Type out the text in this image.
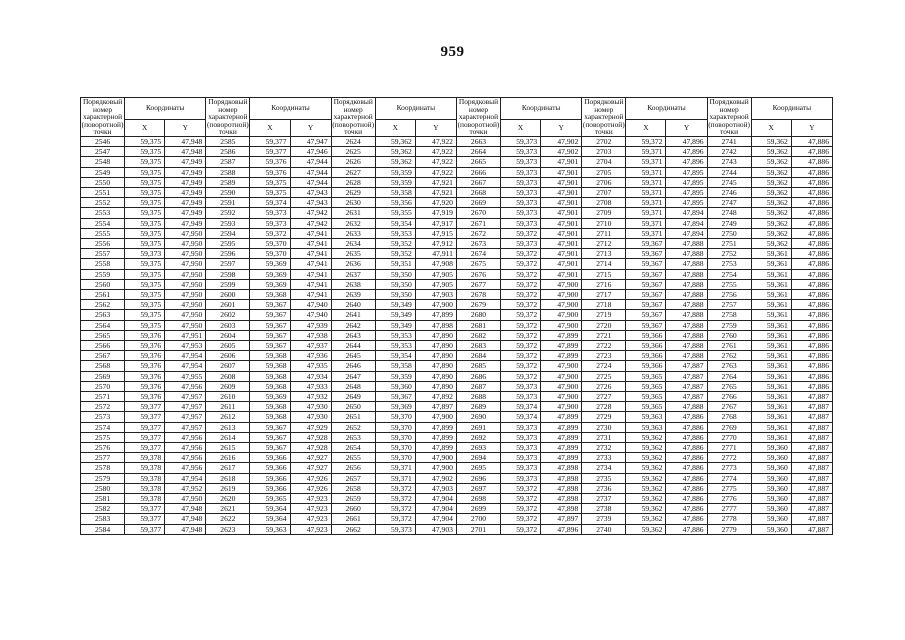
959
Порядковый номер характерной (поворотной) точки	Координаты		Порядковый номер характерной (поворотной) точки	Координаты		Порядковый номер характерной (поворотной) точки	Координаты		Порядковый номер характерной (поворотной) точки	Координаты		Порядковый номер характерной (поворотной) точки	Координаты		Порядковый номер характерной (поворотной) точки	Координаты	
	X	Y		X	Y		X	Y		X	Y		X	Y		X	Y
2546	59,375	47,948	2585	59,377	47,947	2624	59,362	47,922	2663	59,373	47,902	2702	59,372	47,896	2741	59,362	47,886
2547	59,375	47,948	2586	59,377	47,946	2625	59,362	47,922	2664	59,373	47,902	2703	59,371	47,896	2742	59,362	47,886
2548	59,375	47,949	2587	59,376	47,944	2626	59,362	47,922	2665	59,373	47,901	2704	59,371	47,896	2743	59,362	47,886
2549	59,375	47,949	2588	59,376	47,944	2627	59,359	47,922	2666	59,373	47,901	2705	59,371	47,895	2744	59,362	47,886
2550	59,375	47,949	2589	59,375	47,944	2628	59,359	47,921	2667	59,373	47,901	2706	59,371	47,895	2745	59,362	47,886
2551	59,375	47,949	2590	59,375	47,943	2629	59,358	47,921	2668	59,373	47,901	2707	59,371	47,895	2746	59,362	47,886
2552	59,375	47,949	2591	59,374	47,943	2630	59,356	47,920	2669	59,373	47,901	2708	59,371	47,895	2747	59,362	47,886
2553	59,375	47,949	2592	59,373	47,942	2631	59,355	47,919	2670	59,373	47,901	2709	59,371	47,894	2748	59,362	47,886
2554	59,375	47,949	2593	59,373	47,942	2632	59,354	47,917	2671	59,373	47,901	2710	59,371	47,894	2749	59,362	47,886
2555	59,375	47,950	2594	59,372	47,941	2633	59,353	47,915	2672	59,372	47,901	2711	59,371	47,894	2750	59,362	47,886
2556	59,375	47,950	2595	59,370	47,941	2634	59,352	47,912	2673	59,373	47,901	2712	59,367	47,888	2751	59,362	47,886
2557	59,373	47,950	2596	59,370	47,941	2635	59,352	47,911	2674	59,372	47,901	2713	59,367	47,888	2752	59,361	47,886
2558	59,375	47,950	2597	59,369	47,941	2636	59,351	47,908	2675	59,372	47,901	2714	59,367	47,888	2753	59,361	47,886
2559	59,375	47,950	2598	59,369	47,941	2637	59,350	47,905	2676	59,372	47,901	2715	59,367	47,888	2754	59,361	47,886
2560	59,375	47,950	2599	59,369	47,941	2638	59,350	47,905	2677	59,372	47,900	2716	59,367	47,888	2755	59,361	47,886
2561	59,375	47,950	2600	59,368	47,941	2639	59,350	47,903	2678	59,372	47,900	2717	59,367	47,888	2756	59,361	47,886
2562	59,375	47,950	2601	59,367	47,940	2640	59,349	47,900	2679	59,372	47,900	2718	59,367	47,888	2757	59,361	47,886
2563	59,375	47,950	2602	59,367	47,940	2641	59,349	47,899	2680	59,372	47,900	2719	59,367	47,888	2758	59,361	47,886
2564	59,375	47,950	2603	59,367	47,939	2642	59,349	47,898	2681	59,372	47,900	2720	59,367	47,888	2759	59,361	47,886
2565	59,376	47,951	2604	59,367	47,938	2643	59,353	47,890	2682	59,372	47,899	2721	59,366	47,888	2760	59,361	47,886
2566	59,376	47,953	2605	59,367	47,937	2644	59,353	47,890	2683	59,372	47,899	2722	59,366	47,888	2761	59,361	47,886
2567	59,376	47,954	2606	59,368	47,936	2645	59,354	47,890	2684	59,372	47,899	2723	59,366	47,888	2762	59,361	47,886
2568	59,376	47,954	2607	59,368	47,935	2646	59,358	47,890	2685	59,372	47,900	2724	59,366	47,887	2763	59,361	47,886
2569	59,376	47,955	2608	59,368	47,934	2647	59,359	47,890	2686	59,372	47,900	2725	59,365	47,887	2764	59,361	47,886
2570	59,376	47,956	2609	59,368	47,933	2648	59,360	47,890	2687	59,373	47,900	2726	59,365	47,887	2765	59,361	47,886
2571	59,376	47,957	2610	59,369	47,932	2649	59,367	47,892	2688	59,373	47,900	2727	59,365	47,887	2766	59,361	47,887
2572	59,377	47,957	2611	59,368	47,930	2650	59,369	47,897	2689	59,374	47,900	2728	59,365	47,888	2767	59,361	47,887
2573	59,377	47,957	2612	59,368	47,930	2651	59,370	47,900	2690	59,374	47,899	2729	59,363	47,886	2768	59,361	47,887
2574	59,377	47,957	2613	59,367	47,929	2652	59,370	47,899	2691	59,373	47,899	2730	59,363	47,886	2769	59,361	47,887
2575	59,377	47,956	2614	59,367	47,928	2653	59,370	47,899	2692	59,373	47,899	2731	59,362	47,886	2770	59,361	47,887
2576	59,377	47,956	2615	59,367	47,928	2654	59,370	47,899	2693	59,373	47,899	2732	59,362	47,886	2771	59,360	47,887
2577	59,378	47,956	2616	59,366	47,927	2655	59,370	47,900	2694	59,373	47,899	2733	59,362	47,886	2772	59,360	47,887
2578	59,378	47,956	2617	59,366	47,927	2656	59,371	47,900	2695	59,373	47,898	2734	59,362	47,886	2773	59,360	47,887
2579	59,378	47,954	2618	59,366	47,926	2657	59,371	47,902	2696	59,373	47,898	2735	59,362	47,886	2774	59,360	47,887
2580	59,378	47,952	2619	59,366	47,926	2658	59,372	47,903	2697	59,372	47,898	2736	59,362	47,886	2775	59,360	47,887
2581	59,378	47,950	2620	59,365	47,923	2659	59,372	47,904	2698	59,372	47,898	2737	59,362	47,886	2776	59,360	47,887
2582	59,377	47,948	2621	59,364	47,923	2660	59,372	47,904	2699	59,372	47,898	2738	59,362	47,886	2777	59,360	47,887
2583	59,377	47,948	2622	59,364	47,923	2661	59,372	47,904	2700	59,372	47,897	2739	59,362	47,886	2778	59,360	47,887
2584	59,377	47,948	2623	59,363	47,923	2662	59,373	47,903	2701	59,372	47,896	2740	59,362	47,886	2779	59,360	47,887
